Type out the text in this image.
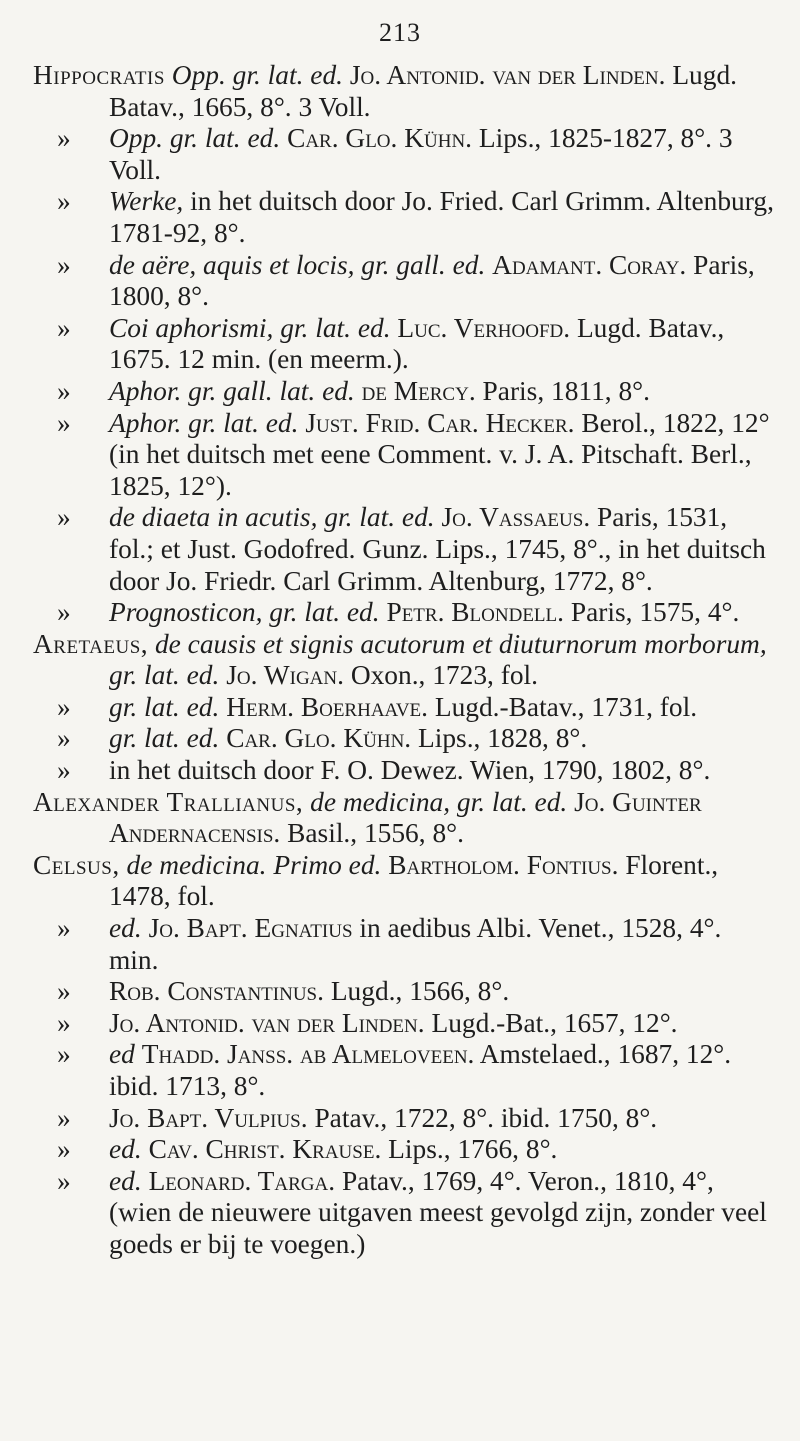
213
Hippocratis Opp. gr. lat. ed. Jo. Antonid. van der Linden. Lugd. Batav., 1665, 8°. 3 Voll.
» Opp. gr. lat. ed. Car. Glo. Kühn. Lips., 1825-1827, 8°. 3 Voll.
» Werke, in het duitsch door Jo. Fried. Carl Grimm. Altenburg, 1781-92, 8°.
» de aëre, aquis et locis, gr. gall. ed. Adamant. Coray. Paris, 1800, 8°.
» Coi aphorismi, gr. lat. ed. Luc. Verhoofd. Lugd. Batav., 1675. 12 min. (en meerm.).
» Aphor. gr. gall. lat. ed. de Mercy. Paris, 1811, 8°.
» Aphor. gr. lat. ed. Just. Frid. Car. Hecker. Berol., 1822, 12° (in het duitsch met eene Comment. v. J. A. Pitschaft. Berl., 1825, 12°).
» de diaeta in acutis, gr. lat. ed. Jo. Vassaeus. Paris, 1531, fol.; et Just. Godofred. Gunz. Lips., 1745, 8°., in het duitsch door Jo. Friedr. Carl Grimm. Altenburg, 1772, 8°.
» Prognosticon, gr. lat. ed. Petr. Blondell. Paris, 1575, 4°.
Aretaeus, de causis et signis acutorum et diuturnorum morborum, gr. lat. ed. Jo. Wigan. Oxon., 1723, fol.
» gr. lat. ed. Herm. Boerhaave. Lugd.-Batav., 1731, fol.
» gr. lat. ed. Car. Glo. Kühn. Lips., 1828, 8°.
» in het duitsch door F. O. Dewez. Wien, 1790, 1802, 8°.
Alexander Trallianus, de medicina, gr. lat. ed. Jo. Guinter Andernacensis. Basil., 1556, 8°.
Celsus, de medicina. Primo ed. Bartholom. Fontius. Florent., 1478, fol.
» ed. Jo. Bapt. Egnatius in aedibus Albi. Venet., 1528, 4°. min.
» Rob. Constantinus. Lugd., 1566, 8°.
» Jo. Antonid. van der Linden. Lugd.-Bat., 1657, 12°.
» ed Thadd. Janss. ab Almeloveen. Amstelaed., 1687, 12°. ibid. 1713, 8°.
» Jo. Bapt. Vulpius. Patav., 1722, 8°. ibid. 1750, 8°.
» ed. Cav. Christ. Krause. Lips., 1766, 8°.
» ed. Leonard. Targa. Patav., 1769, 4°. Veron., 1810, 4°, (wien de nieuwere uitgaven meest gevolgd zijn, zonder veel goeds er bij te voegen.)
